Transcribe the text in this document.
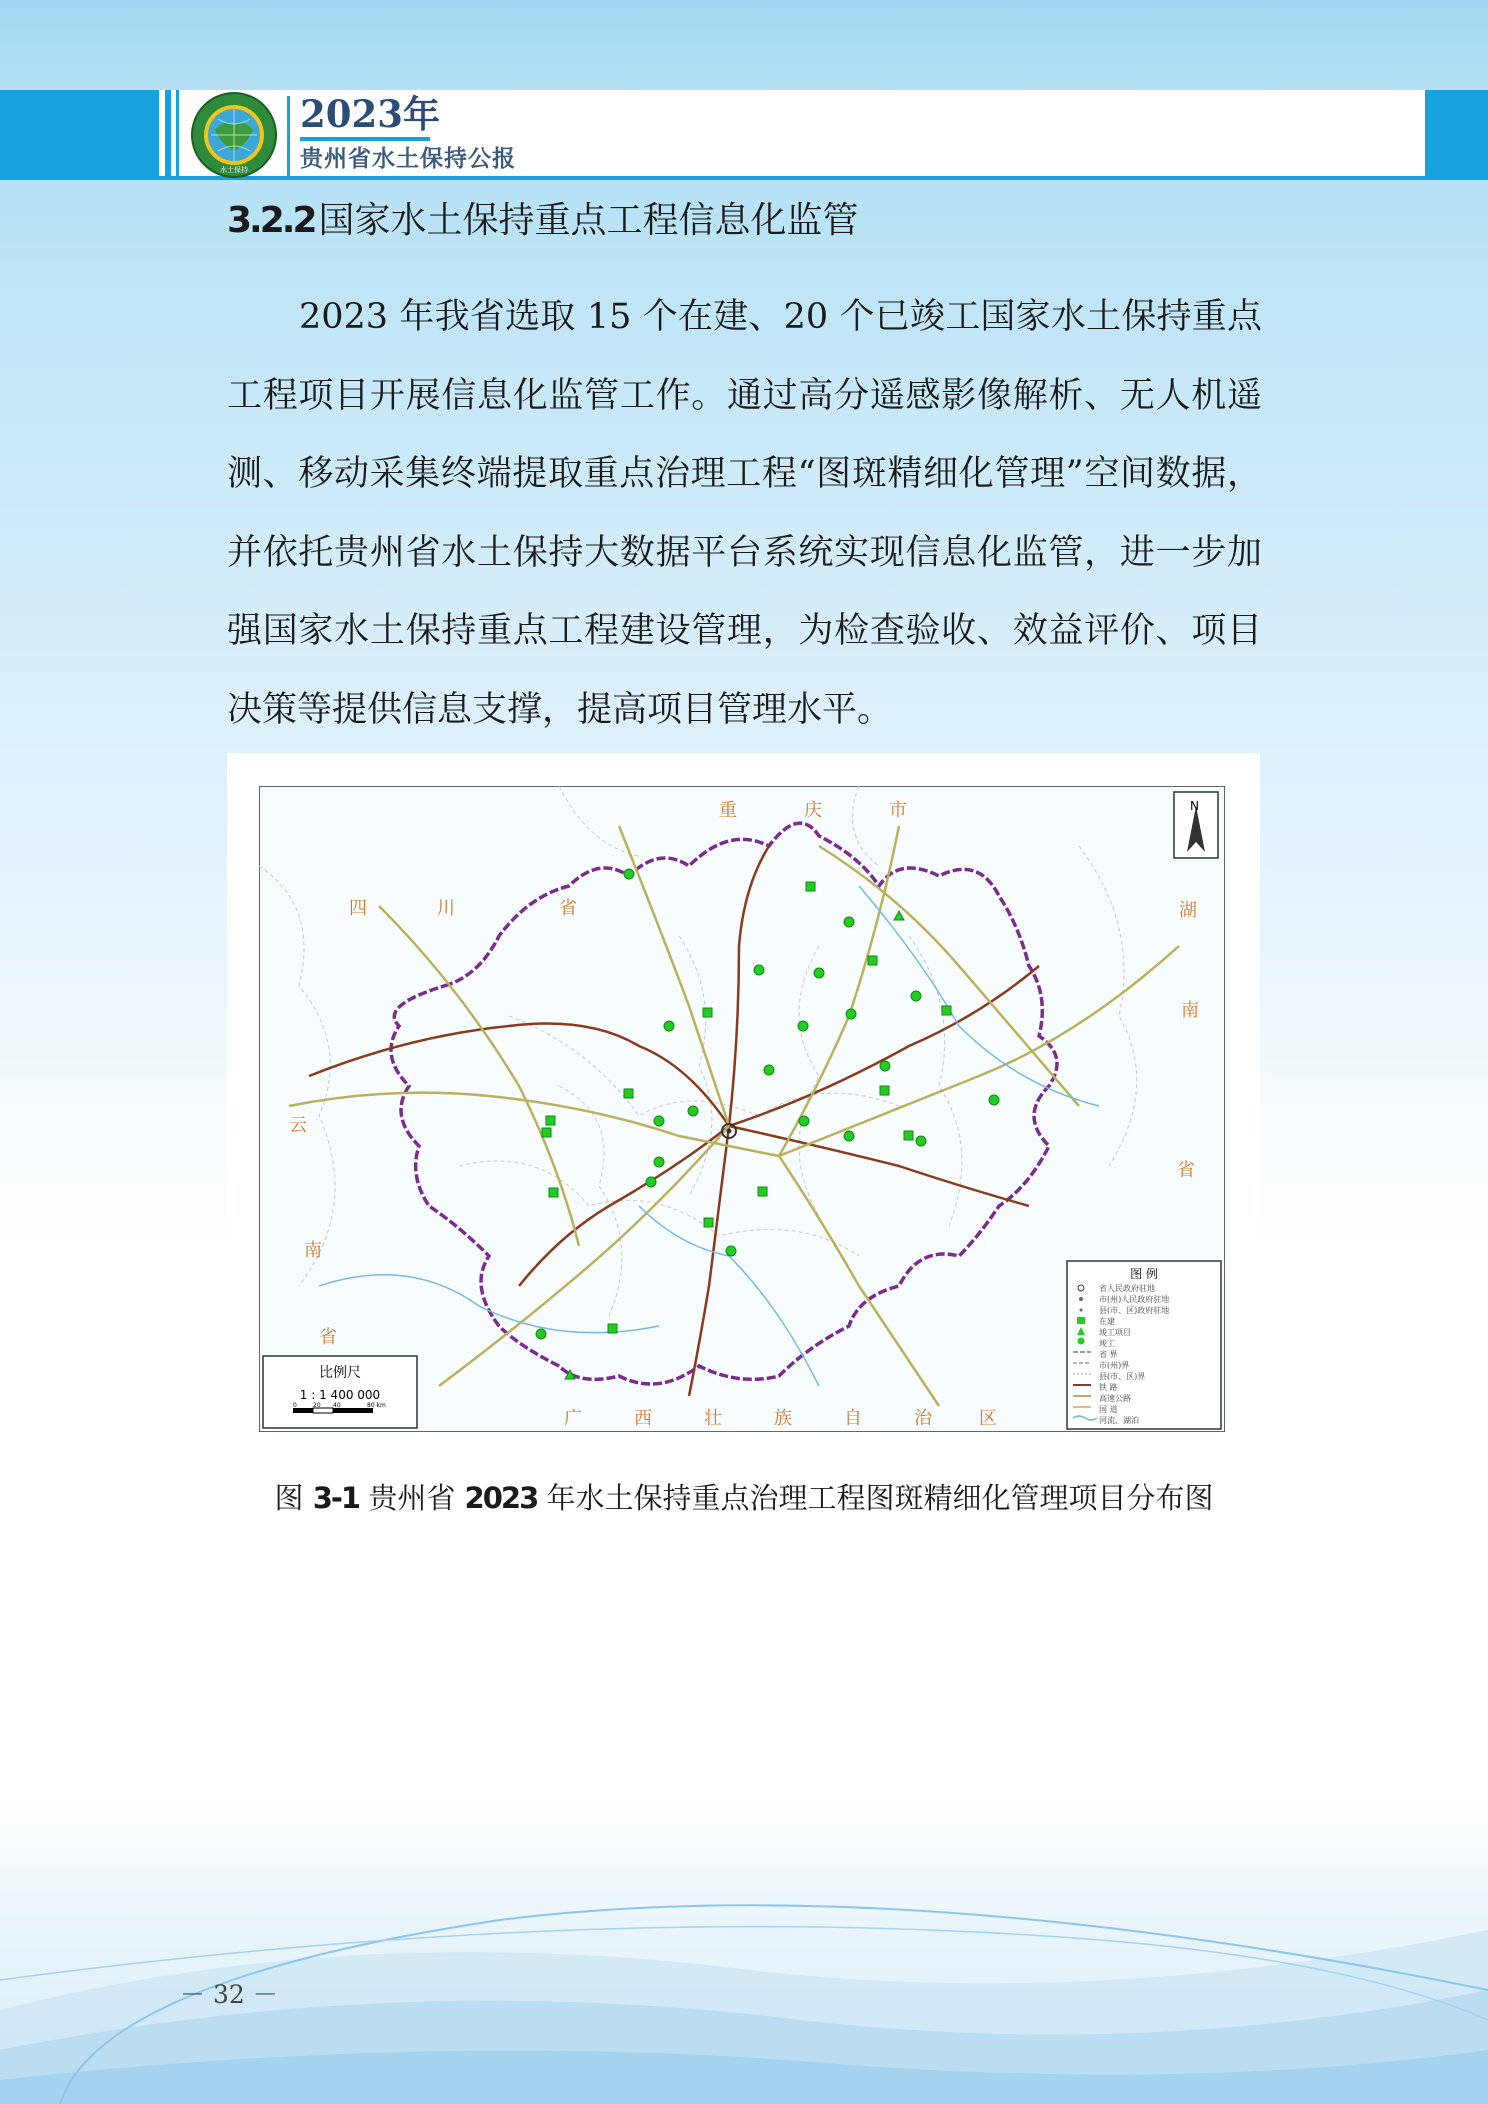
水土保持
2023年
贵州省水土保持公报
3.2.2 国家水土保持重点工程信息化监管

2023 年我省选取 15 个在建、20 个已竣工国家水土保持重点工程项目开展信息化监管工作。通过高分遥感影像解析、无人机遥测、移动采集终端提取重点治理工程“图斑精细化管理”空间数据，并依托贵州省水土保持大数据平台系统实现信息化监管，进一步加强国家水土保持重点工程建设管理，为检查验收、效益评价、项目决策等提供信息支撑，提高项目管理水平。

重	庆	市
四	川	省	湖
南
省
云
南
省
广	西	壮	族	自	治	区
N
比例尺
1 : 1 400 000
0	20 40	80 km
图 例
省人民政府驻地
市(州)人民政府驻地
县(市、区)政府驻地
在建
竣工项目
竣工
省 界
市(州)界
县(市、区)界
铁 路
高速公路
国 道
河流、湖泊
图 3-1 贵州省 2023 年水土保持重点治理工程图斑精细化管理项目分布图
－ 32 －
